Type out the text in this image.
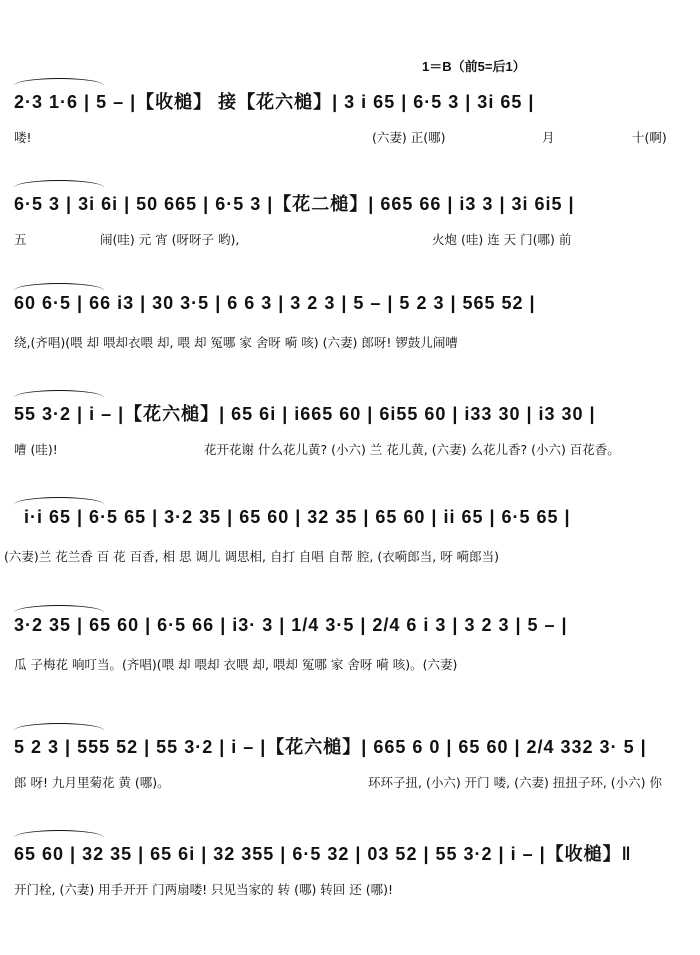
1＝B（前5=后1）
2·3 1·6 | 5 – |【收槌】 接【花六槌】| 3 i 65 | 6·5 3 | 3i 65 |
喽!	(六妻) 正(哪)	月	十(啊)
6·5 3 | 3i 6i | 50 665 | 6·5 3 |【花二槌】| 665 66 | i3 3 | 3i 6i5 |
五	闹(哇) 元 宵 (呀呀子 哟),	火炮 (哇) 连 天 门(哪) 前
60 6·5 | 66 i3 | 30 3·5 | 6 6 3 | 3 2 3 | 5 – | 5 2 3 | 565 52 |
绕,(齐唱)(喂 却 喂却衣喂 却, 喂 却 冤哪 家 舍呀 嗬 咳) (六妻) 郎呀! 锣鼓儿闹嘈
55 3·2 | i – |【花六槌】| 65 6i | i665 60 | 6i55 60 | i33 30 | i3 30 |
嘈 (哇)!	花开花谢 什么花儿黄? (小六) 兰 花儿黄, (六妻) 么花儿香? (小六) 百花香。
i·i 65 | 6·5 65 | 3·2 35 | 65 60 | 32 35 | 65 60 | ii 65 | 6·5 65 |
(六妻)兰 花兰香 百 花 百香, 相 思 调儿 调思相, 自打 自唱 自帮 腔, (衣嗬郎当, 呀 嗬郎当)
3·2 35 | 65 60 | 6·5 66 | i3· 3 | 1/4 3·5 | 2/4 6 i 3 | 3 2 3 | 5 – |
瓜 子梅花 响叮当。(齐唱)(喂 却 喂却 衣喂 却, 喂却 冤哪 家 舍呀 嗬 咳)。(六妻)
5 2 3 | 555 52 | 55 3·2 | i – |【花六槌】| 665 6 0 | 65 60 | 2/4 332 3· 5 |
郎 呀! 九月里菊花 黄 (哪)。	环环子扭, (小六) 开门 喽, (六妻) 扭扭子环, (小六) 你
65 60 | 32 35 | 65 6i | 32 355 | 6·5 32 | 03 52 | 55 3·2 | i – |【收槌】‖
开门栓, (六妻) 用手开开 门两扇喽! 只见当家的 转 (哪) 转回 还 (哪)!
